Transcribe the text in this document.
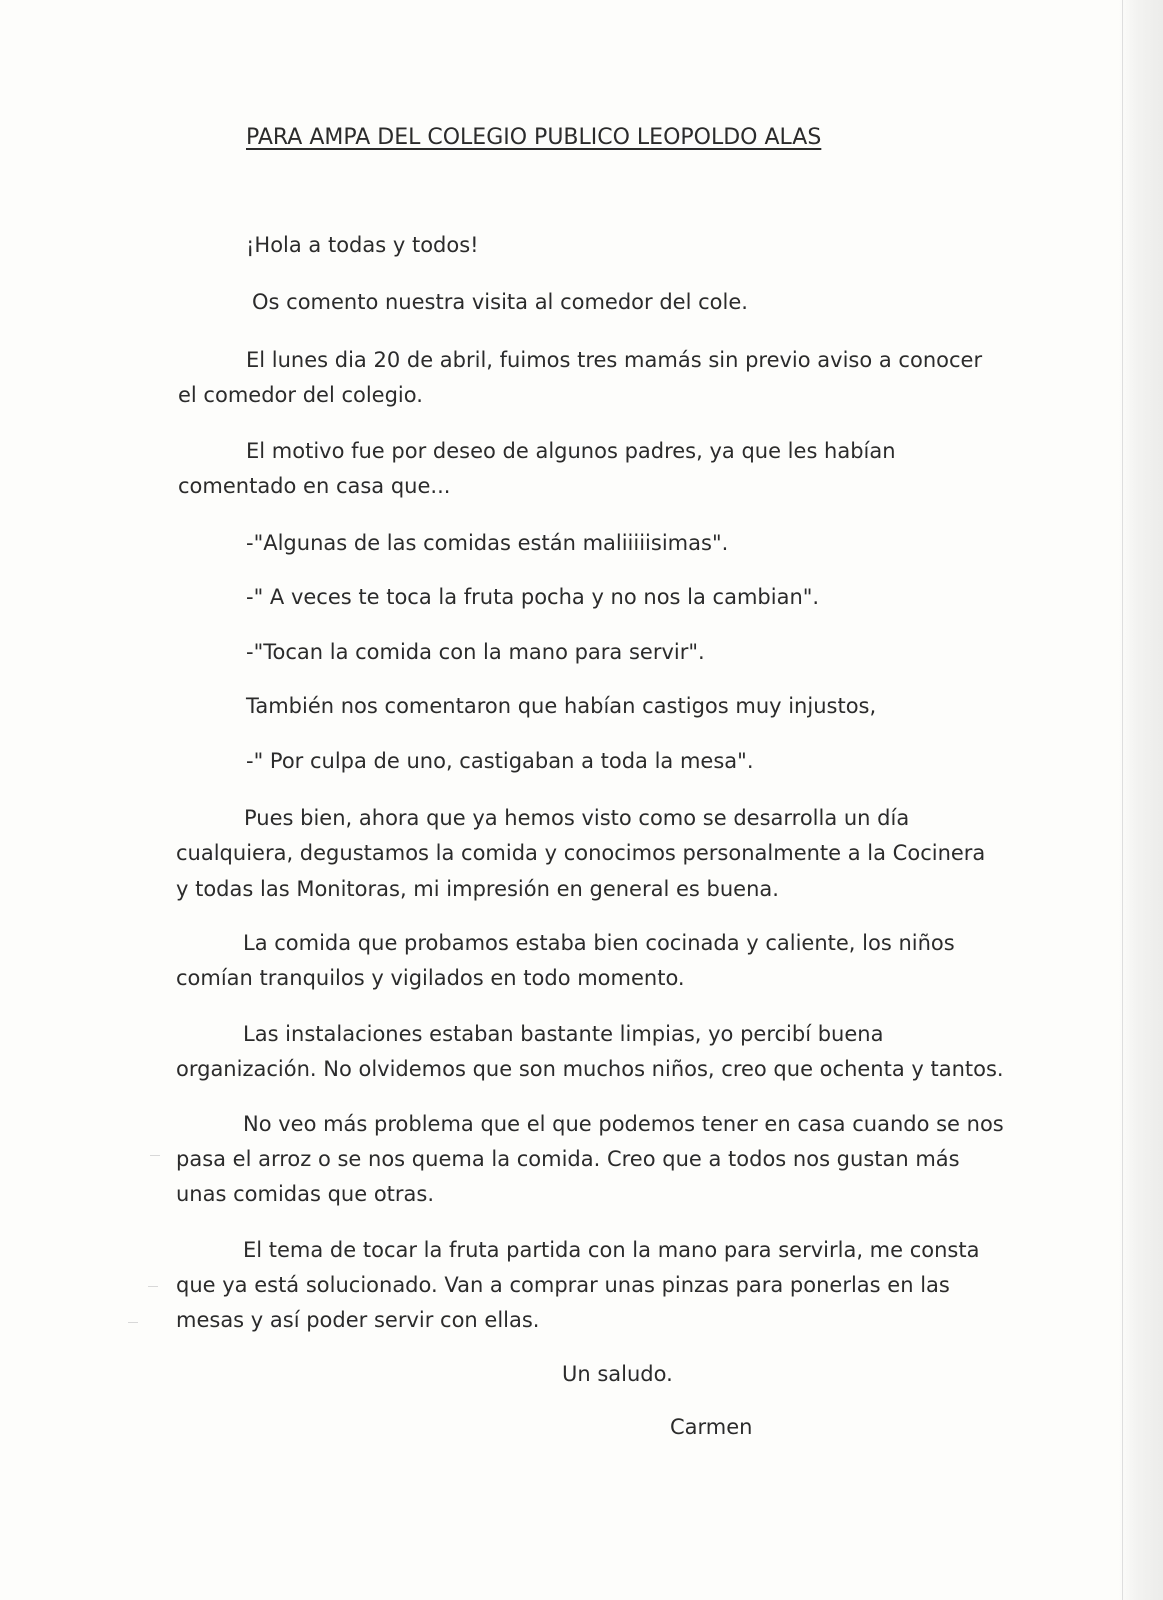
PARA AMPA DEL COLEGIO PUBLICO LEOPOLDO ALAS
¡Hola a todas y todos!
Os comento nuestra visita al comedor del cole.
El lunes dia 20 de abril, fuimos tres mamás sin previo aviso a conocer
el comedor del colegio.
El motivo fue por deseo de algunos padres, ya que les habían
comentado en casa que...
-"Algunas de las comidas están maliiiiisimas".
-" A veces te toca la fruta pocha y no nos la cambian".
-"Tocan la comida con la mano para servir".
También nos comentaron que habían castigos muy injustos,
-" Por culpa de uno, castigaban a toda la mesa".
Pues bien, ahora que ya hemos visto como se desarrolla un día
cualquiera, degustamos la comida y conocimos personalmente a la Cocinera
y todas las Monitoras, mi impresión en general es buena.
La comida que probamos estaba bien cocinada y caliente, los niños
comían tranquilos y vigilados en todo momento.
Las instalaciones estaban bastante limpias, yo percibí buena
organización. No olvidemos que son muchos niños, creo que ochenta y tantos.
No veo más problema que el que podemos tener en casa cuando se nos
pasa el arroz o se nos quema la comida. Creo que a todos nos gustan más
unas comidas que otras.
El tema de tocar la fruta partida con la mano para servirla, me consta
que ya está solucionado. Van a comprar unas pinzas para ponerlas en las
mesas y así poder servir con ellas.
Un saludo.
Carmen
